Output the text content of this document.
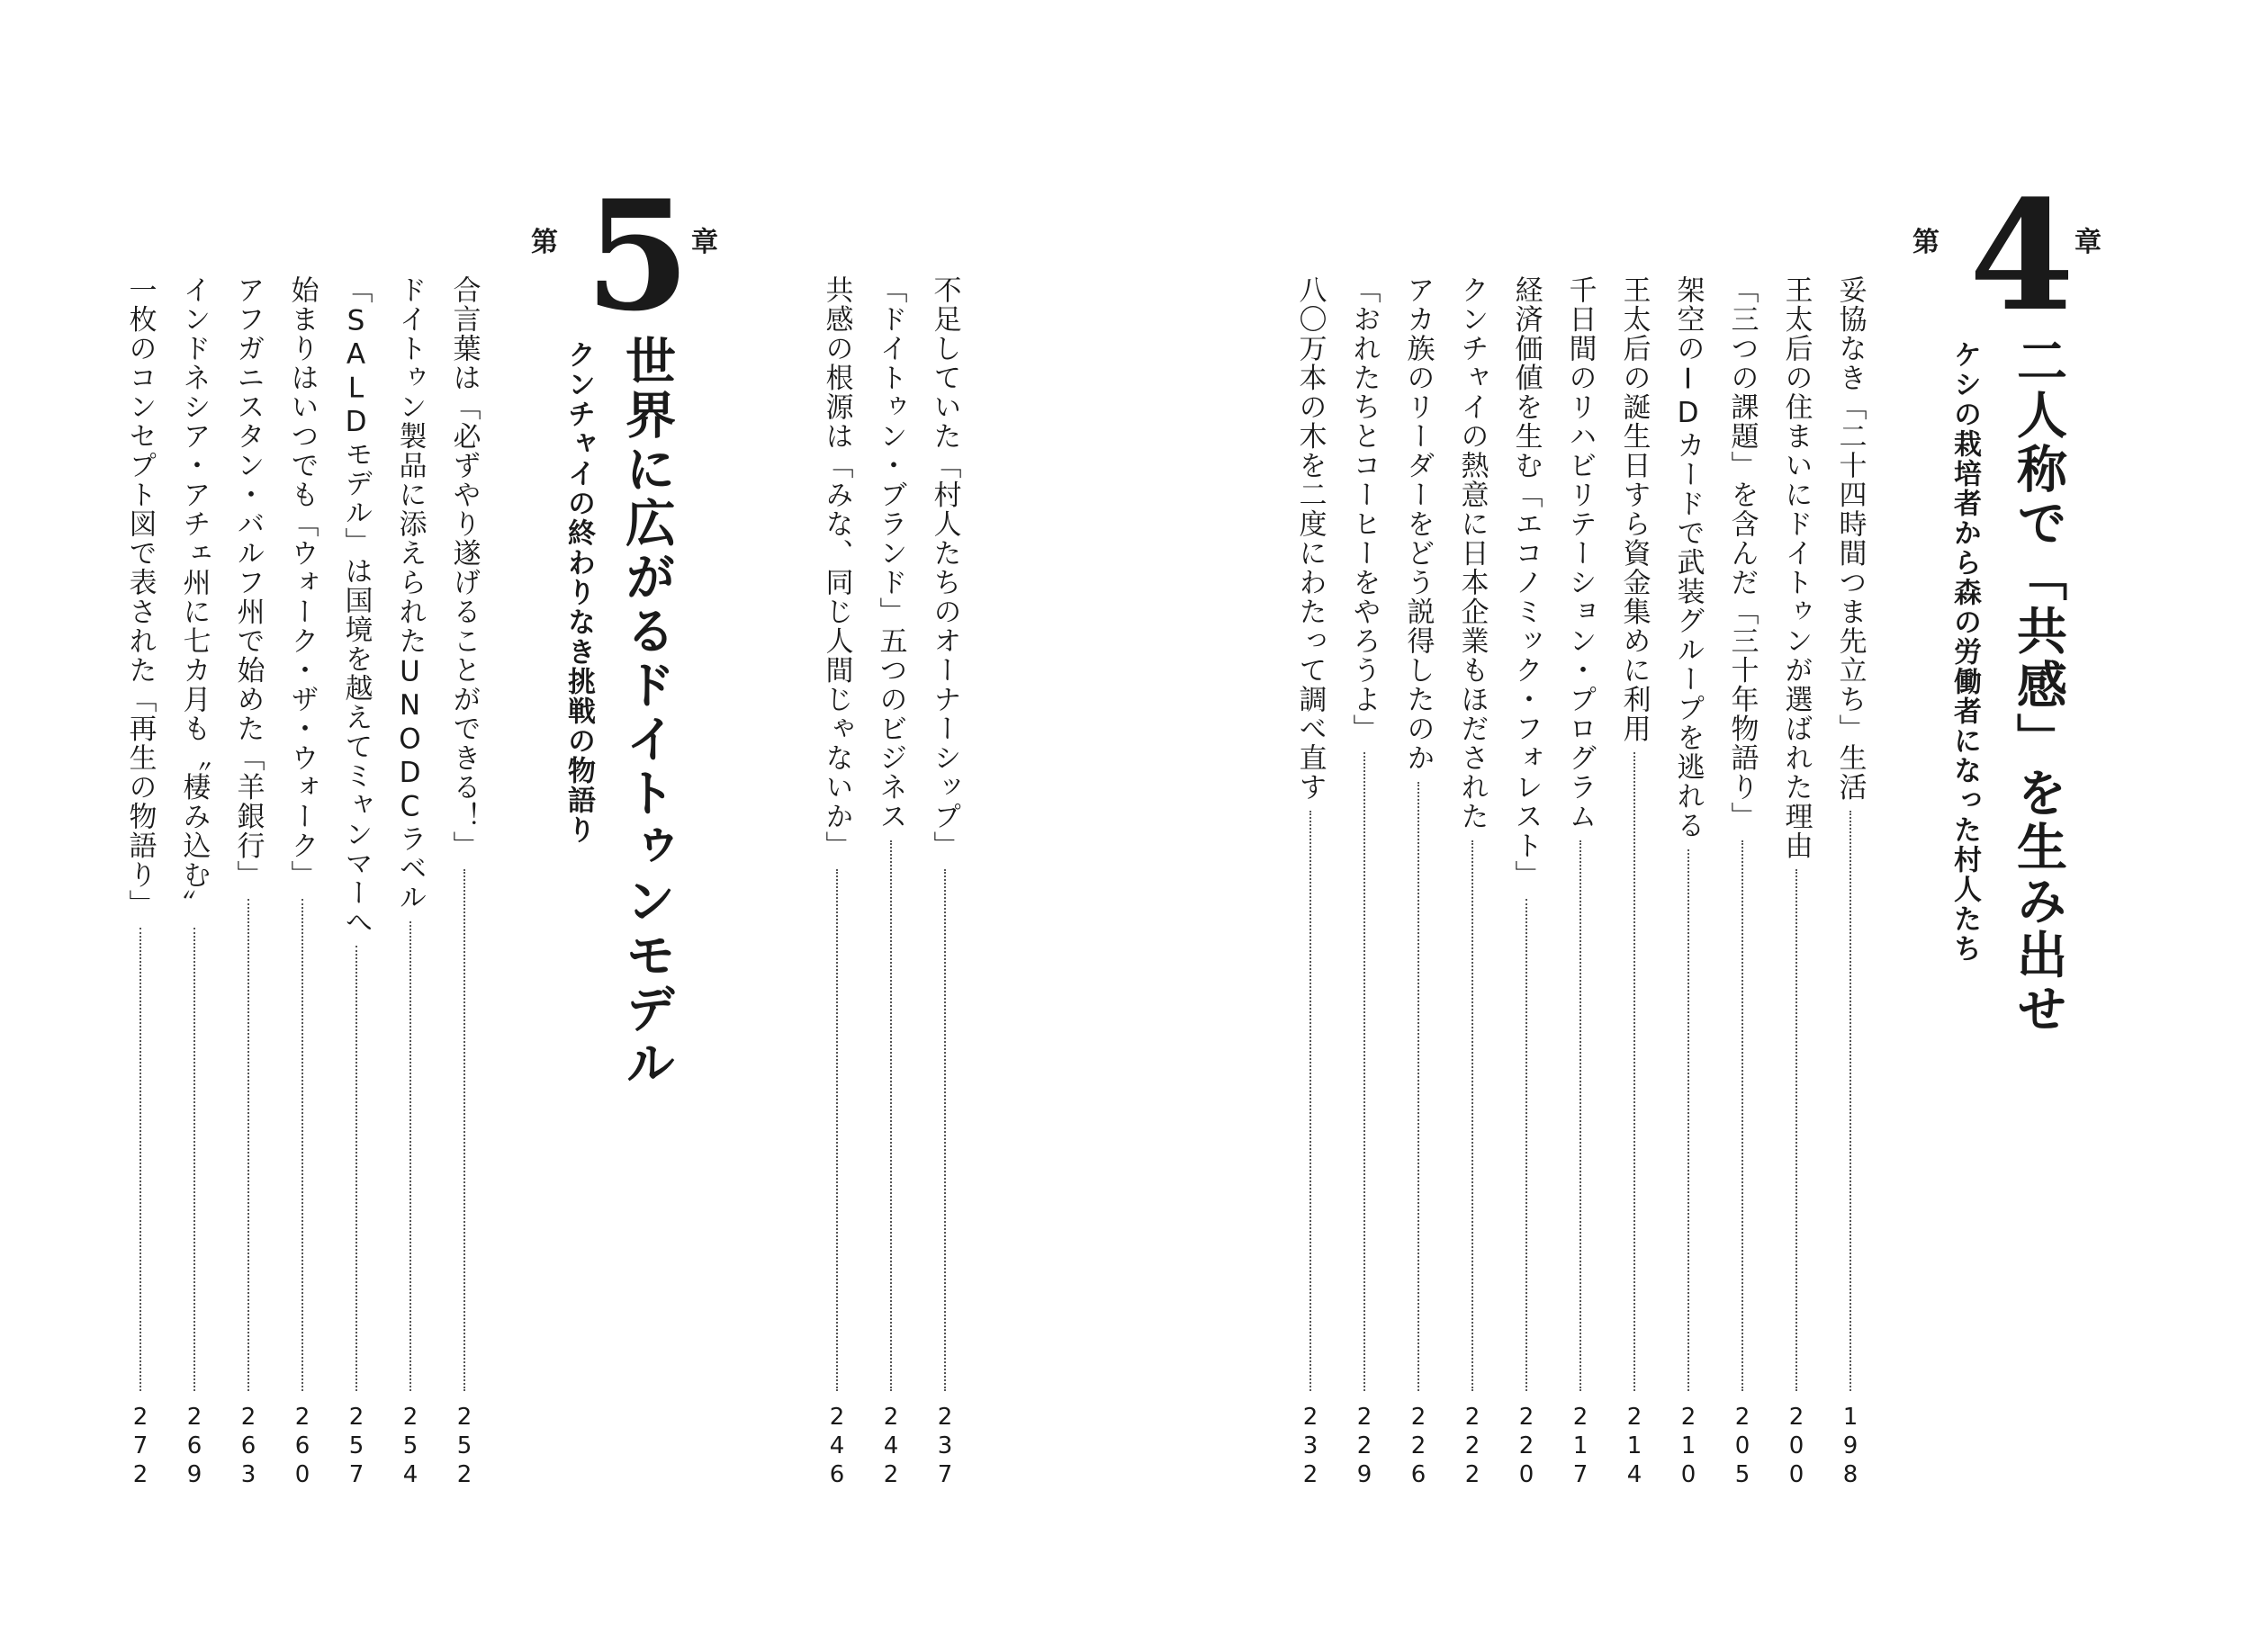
第 4 章
二人称で「共感」を生み出せ
ケシの栽培者から森の労働者になった村人たち
妥協なき「二十四時間つま先立ち」生活
198
王太后の住まいにドイトゥンが選ばれた理由
200
「三つの課題」を含んだ「三十年物語り」
205
架空のIDカードで武装グループを逃れる
210
王太后の誕生日すら資金集めに利用
214
千日間のリハビリテーション・プログラム
217
経済価値を生む「エコノミック・フォレスト」
220
クンチャイの熱意に日本企業もほだされた
222
アカ族のリーダーをどう説得したのか
226
「おれたちとコーヒーをやろうよ」
229
八〇万本の木を二度にわたって調べ直す
232
不足していた「村人たちのオーナーシップ」
237
「ドイトゥン・ブランド」五つのビジネス
242
共感の根源は「みな、同じ人間じゃないか」
246
第 5 章
世界に広がるドイトゥンモデル
クンチャイの終わりなき挑戦の物語り
合言葉は「必ずやり遂げることができる！」
252
ドイトゥン製品に添えられたUNODCラベル
254
「SALDモデル」は国境を越えてミャンマーへ
257
始まりはいつでも「ウォーク・ザ・ウォーク」
260
アフガニスタン・バルフ州で始めた「羊銀行」
263
インドネシア・アチェ州に七カ月も〝棲み込む〟
269
一枚のコンセプト図で表された「再生の物語り」
272
